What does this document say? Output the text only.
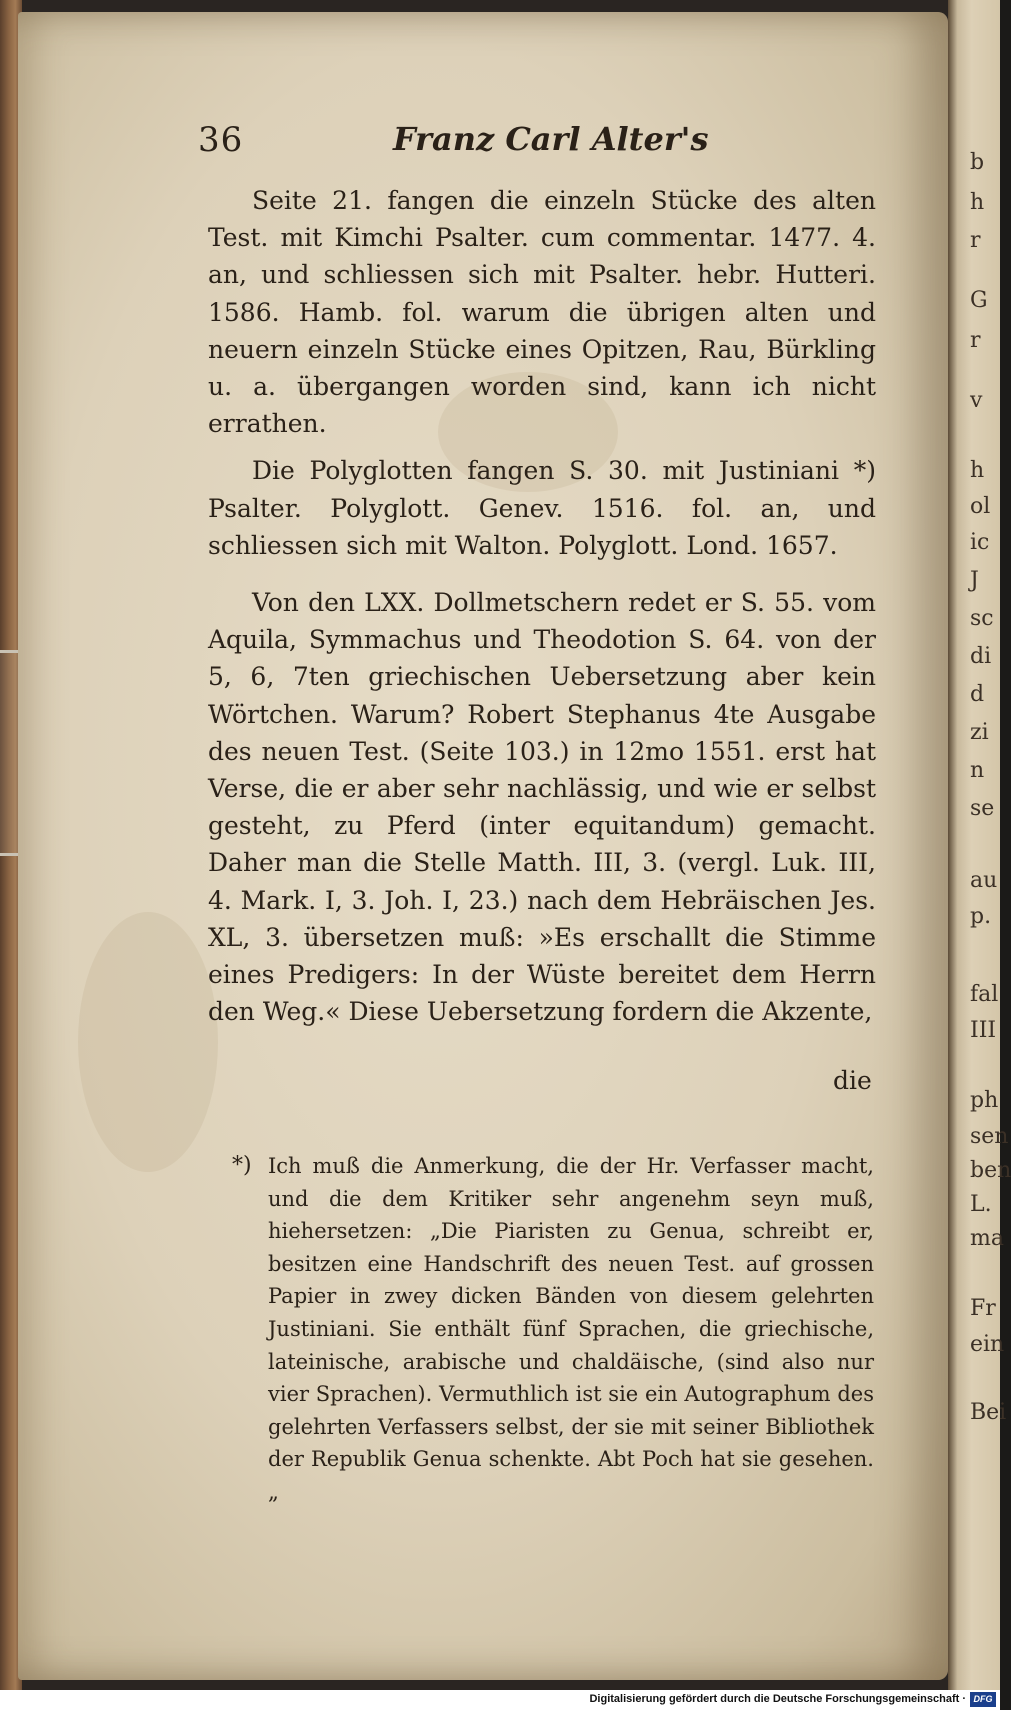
36	Franz Carl Alter's

Seite 21. fangen die einzeln Stücke des alten Test. mit Kimchi Psalter. cum commentar. 1477. 4. an, und schliessen sich mit Psalter. hebr. Hutteri. 1586. Hamb. fol. warum die übrigen alten und neuern einzeln Stücke eines Opitzen, Rau, Bürkling u. a. übergangen worden sind, kann ich nicht errathen.

Die Polyglotten fangen S. 30. mit Justiniani *) Psalter. Polyglott. Genev. 1516. fol. an, und schliessen sich mit Walton. Polyglott. Lond. 1657.

Von den LXX. Dollmetschern redet er S. 55. vom Aquila, Symmachus und Theodotion S. 64. von der 5, 6, 7ten griechischen Uebersetzung aber kein Wörtchen. Warum? Robert Stephanus 4te Ausgabe des neuen Test. (Seite 103.) in 12mo 1551. erst hat Verse, die er aber sehr nachlässig, und wie er selbst gesteht, zu Pferd (inter equitandum) gemacht. Daher man die Stelle Matth. III, 3. (vergl. Luk. III, 4. Mark. I, 3. Joh. I, 23.) nach dem Hebräischen Jes. XL, 3. übersetzen muß: »Es erschallt die Stimme eines Predigers: In der Wüste bereitet dem Herrn den Weg.« Diese Uebersetzung fordern die Akzente,

die
*) Ich muß die Anmerkung, die der Hr. Verfasser macht, und die dem Kritiker sehr angenehm seyn muß, hiehersetzen: „Die Piaristen zu Genua, schreibt er, besitzen eine Handschrift des neuen Test. auf grossen Papier in zwey dicken Bänden von diesem gelehrten Justiniani. Sie enthält fünf Sprachen, die griechische, lateinische, arabische und chaldäische, (sind also nur vier Sprachen). Vermuthlich ist sie ein Autographum des gelehrten Verfassers selbst, der sie mit seiner Bibliothek der Republik Genua schenkte. Abt Poch hat sie gesehen.„
b
h
r
G
r
v
h
ol
ic
J
sc
di
d
zi
n
se
au
p.
fal
III
ph
sen
ben
L.
ma
Fr
ein
Bei
Digitalisierung gefördert durch die Deutsche Forschungsgemeinschaft · DFG
